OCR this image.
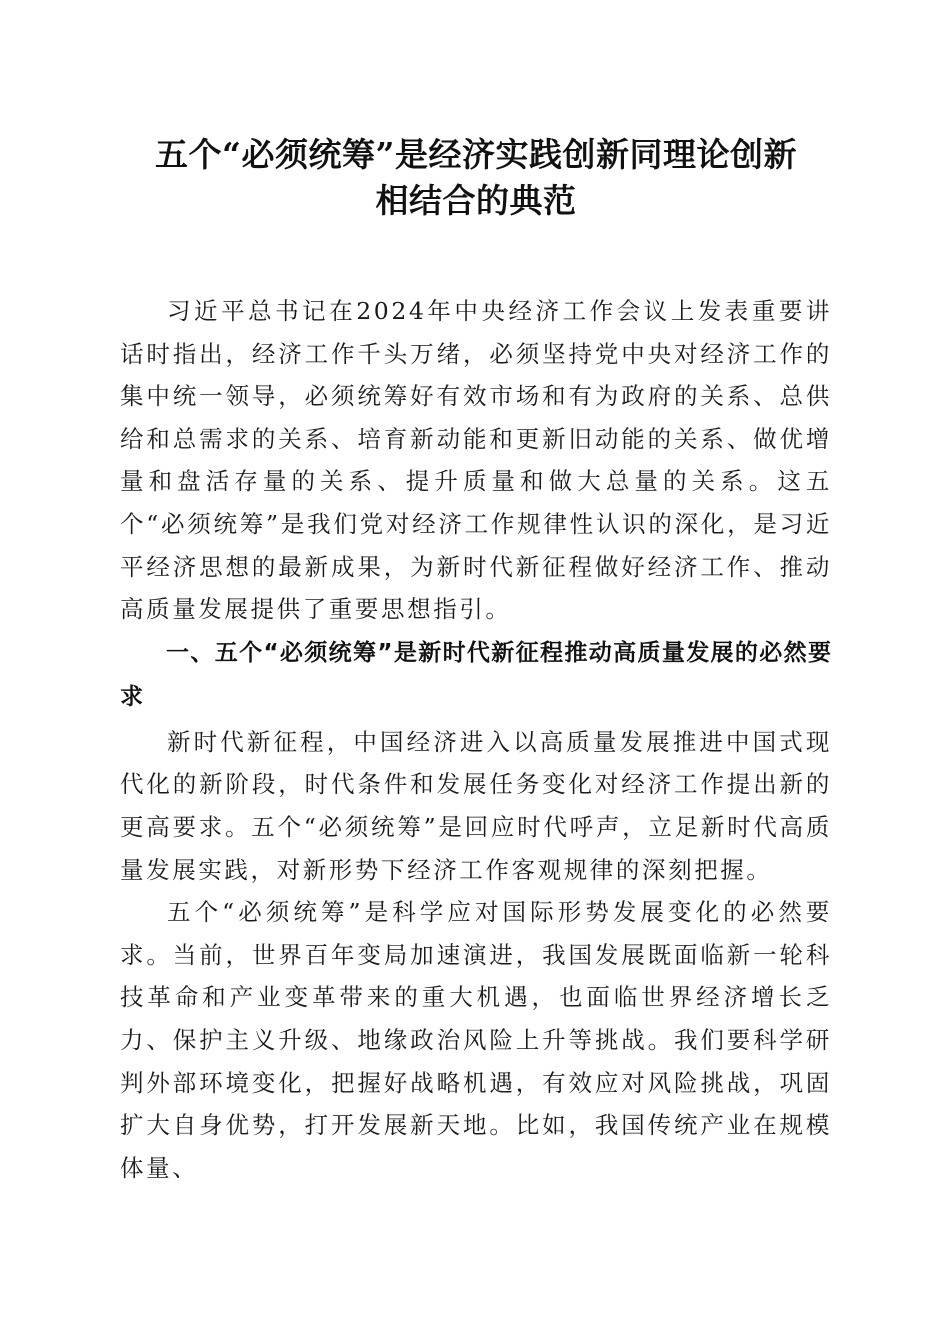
五个“必须统筹”是经济实践创新同理论创新
相结合的典范

习近平总书记在2024年中央经济工作会议上发表重要讲话时指出，经济工作千头万绪，必须坚持党中央对经济工作的集中统一领导，必须统筹好有效市场和有为政府的关系、总供给和总需求的关系、培育新动能和更新旧动能的关系、做优增量和盘活存量的关系、提升质量和做大总量的关系。这五个“必须统筹”是我们党对经济工作规律性认识的深化，是习近平经济思想的最新成果，为新时代新征程做好经济工作、推动高质量发展提供了重要思想指引。

一、五个“必须统筹”是新时代新征程推动高质量发展的必然要求

新时代新征程，中国经济进入以高质量发展推进中国式现代化的新阶段，时代条件和发展任务变化对经济工作提出新的更高要求。五个“必须统筹”是回应时代呼声，立足新时代高质量发展实践，对新形势下经济工作客观规律的深刻把握。

五个“必须统筹”是科学应对国际形势发展变化的必然要求。当前，世界百年变局加速演进，我国发展既面临新一轮科技革命和产业变革带来的重大机遇，也面临世界经济增长乏力、保护主义升级、地缘政治风险上升等挑战。我们要科学研判外部环境变化，把握好战略机遇，有效应对风险挑战，巩固扩大自身优势，打开发展新天地。比如，我国传统产业在规模体量、
